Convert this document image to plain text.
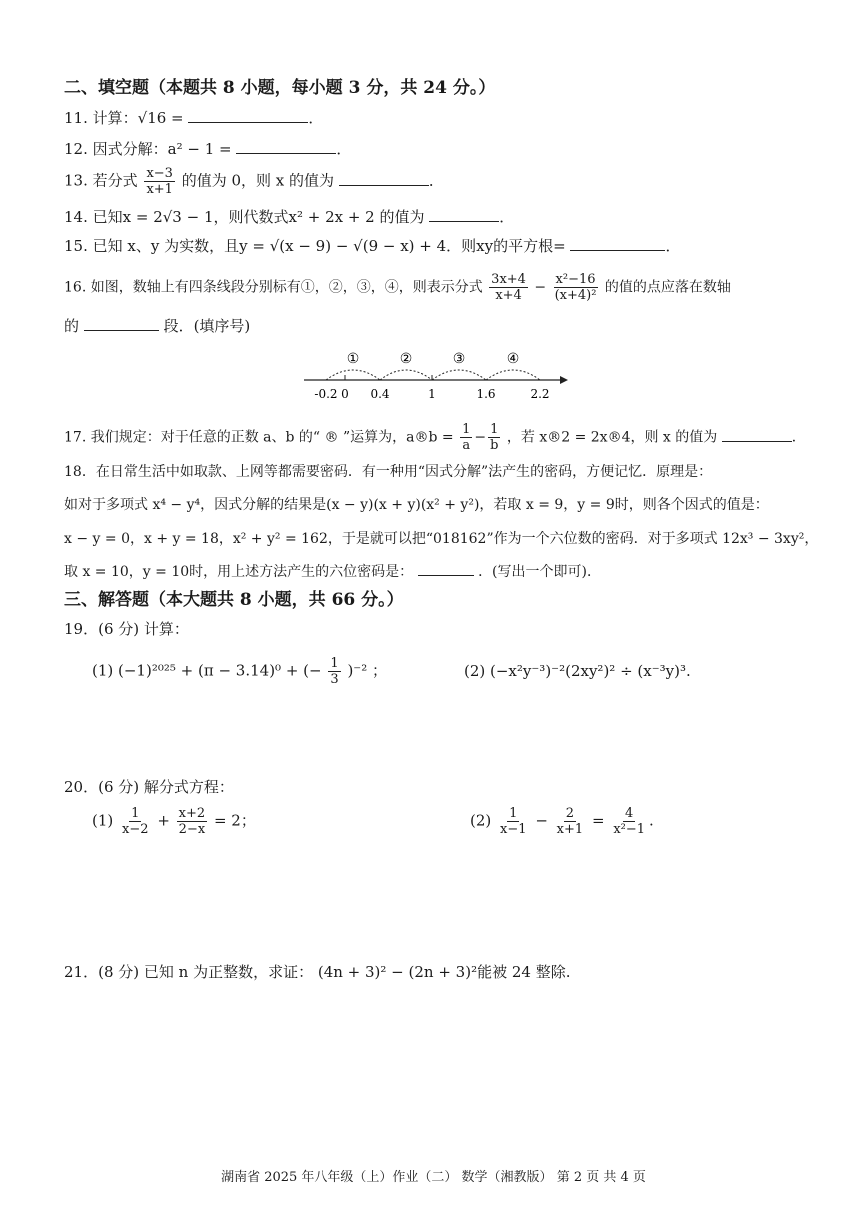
二、填空题（本题共 8 小题，每小题 3 分，共 24 分。）
11. 计算：√16 =	．
12. 因式分解：a² − 1 =	．
13. 若分式 $\frac{x-3}{x+1}$ 的值为 0，则 x 的值为	．
14. 已知x = 2√3 − 1，则代数式x² + 2x + 2 的值为	．
15. 已知 x、y 为实数，且y = √(x − 9) − √(9 − x) + 4．则xy的平方根=	．
16. 如图，数轴上有四条线段分别标有①，②，③，④，则表示分式 $\frac{3x+4}{x+4} - \frac{\text{x²−16}}{\text{(x+4)²}}$ 的值的点应落在数轴
的	段．(填序号)
①	②	③	④
-0.2 0 0.4	1	1.6	2.2
17. 我们规定：对于任意的正数 a、b 的“ ® ”运算为，a®b = $\frac{1}{a} - \frac{1}{b}$ ，若 x®2 = 2x®4，则 x 的值为	．
18．在日常生活中如取款、上网等都需要密码．有一种用“因式分解”法产生的密码，方便记忆．原理是：
如对于多项式 x⁴ − y⁴，因式分解的结果是(x − y)(x + y)(x² + y²)，若取 x = 9，y = 9时，则各个因式的值是：
x − y = 0，x + y = 18，x² + y² = 162，于是就可以把“018162”作为一个六位数的密码．对于多项式 12x³ − 3xy²，
取 x = 10，y = 10时，用上述方法产生的六位密码是：	．(写出一个即可)．
三、解答题（本大题共 8 小题，共 66 分。）
19．(6 分) 计算：
(1) (−1)²⁰²⁵ + (π − 3.14)⁰ + (− $\frac{1}{3} )^{-2}$ ；	(2) (−x²y⁻³)⁻²(2xy²)² ÷ (x⁻³y)³.
20．(6 分) 解分式方程：
$(1) \frac{1}{x-2} + \frac{x+2}{2-x} = 2$；	$(2) \frac{1}{x-1} - \frac{2}{x+1} = \frac{4}{\text{x²−1}}$ .
21．(8 分) 已知 n 为正整数，求证： (4n + 3)² − (2n + 3)²能被 24 整除.
湖南省 2025 年八年级（上）作业（二） 数学（湘教版） 第 2 页 共 4 页
